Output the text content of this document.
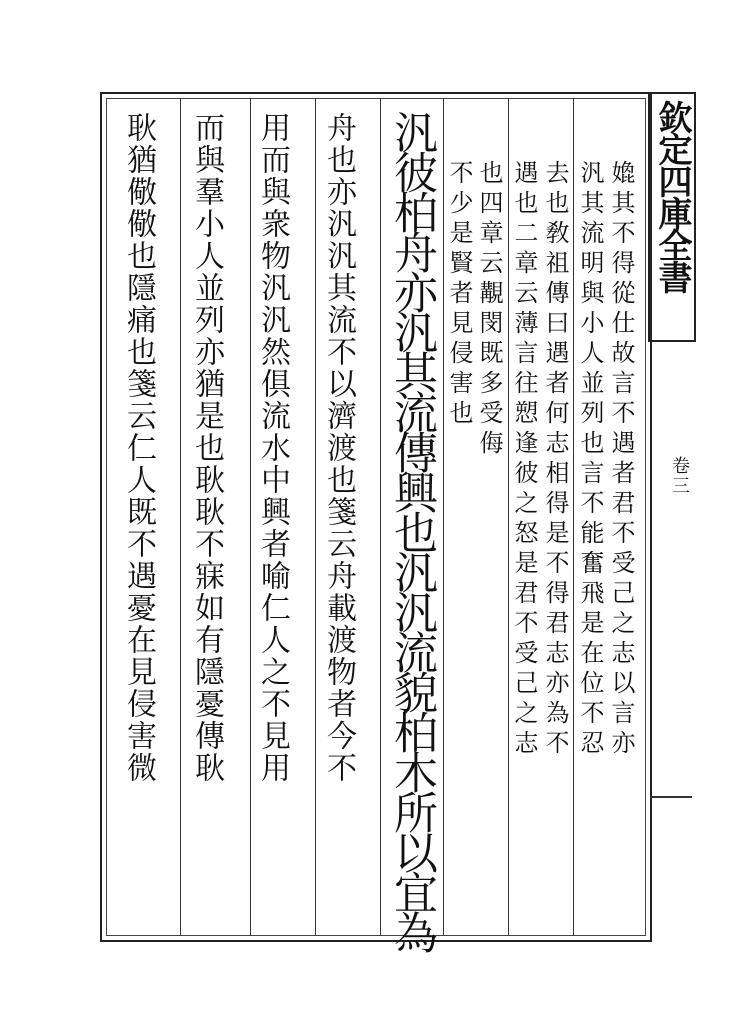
欽定四庫全書
卷三
嫓其不得從仕故言不遇者君不受己之志以言亦
汎其流明與小人並列也言不能奮飛是在位不忍
去也敎祖傳曰遇者何志相得是不得君志亦為不
遇也二章云薄言往愬逢彼之怒是君不受己之志
也四章云覯閔既多受侮
不少是賢者見侵害也
汎彼柏舟亦汎其流傳興也汎汎流貌柏木所以宜為
舟也亦汎汎其流不以濟渡也箋云舟載渡物者今不
用而與衆物汎汎然俱流水中興者喻仁人之不見用
而與羣小人並列亦猶是也耿耿不寐如有隱憂傳耿
耿猶儆儆也隱痛也箋云仁人既不遇憂在見侵害微
